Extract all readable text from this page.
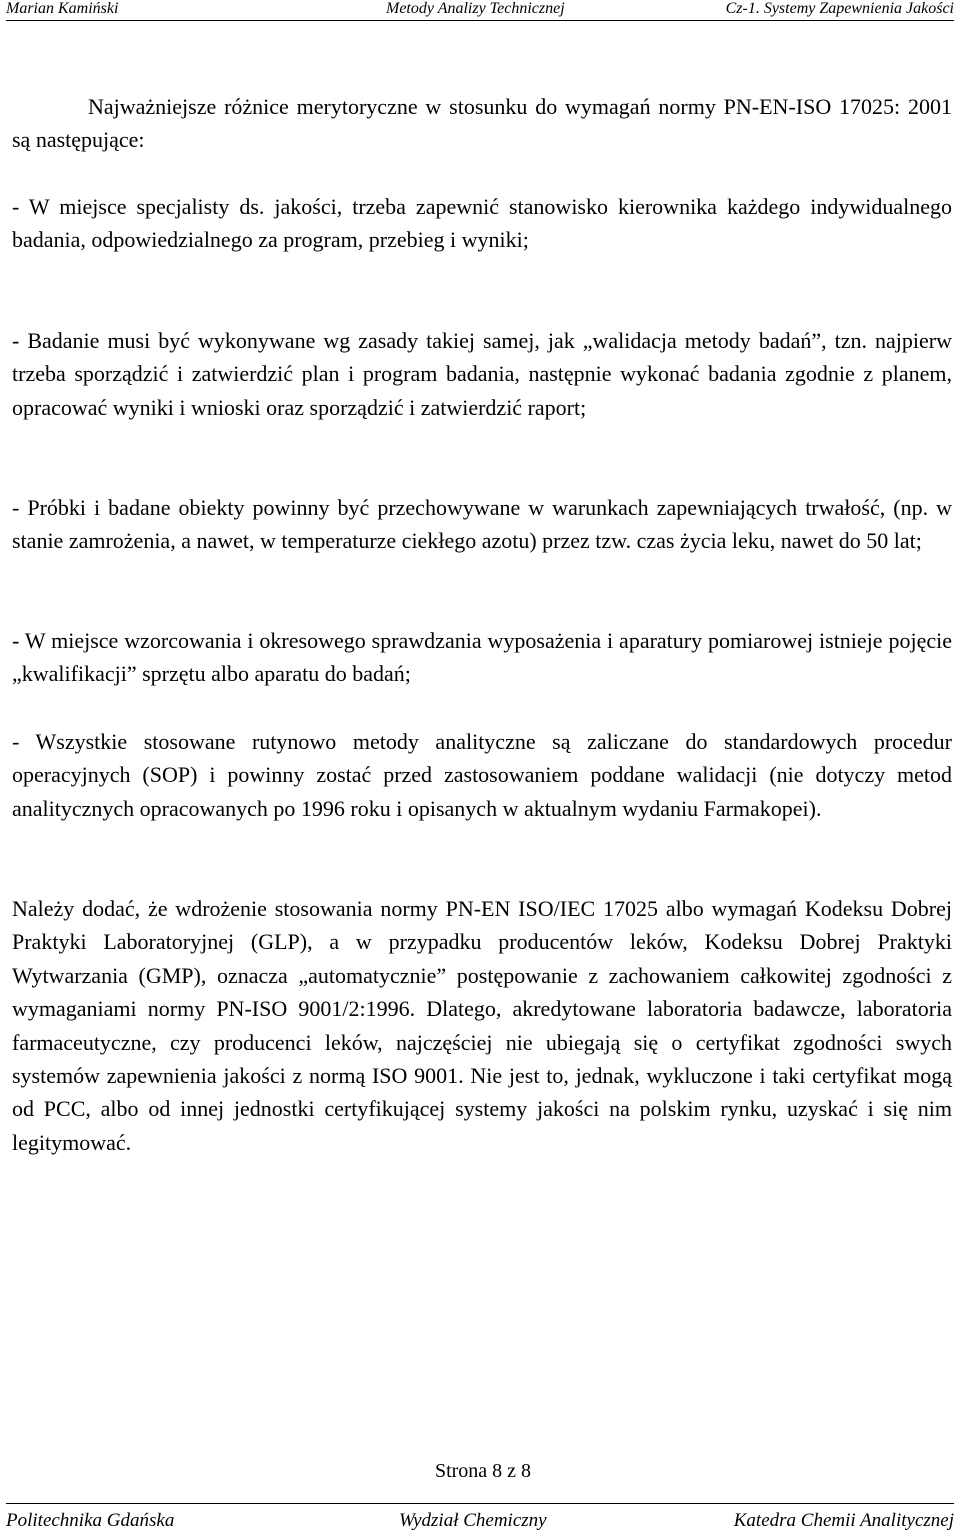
Marian Kamiński	Metody Analizy Technicznej	Cz-1. Systemy Zapewnienia Jakości

Najważniejsze różnice merytoryczne w stosunku do wymagań normy PN-EN-ISO 17025: 2001 są następujące:

- W miejsce specjalisty ds. jakości, trzeba zapewnić stanowisko kierownika każdego indywidualnego badania, odpowiedzialnego za program, przebieg i wyniki;

- Badanie musi być wykonywane wg zasady takiej samej, jak „walidacja metody badań”, tzn. najpierw trzeba sporządzić i zatwierdzić plan i program badania, następnie wykonać badania zgodnie z planem, opracować wyniki i wnioski oraz sporządzić i zatwierdzić raport;

- Próbki i badane obiekty powinny być przechowywane w warunkach zapewniających trwałość, (np. w stanie zamrożenia, a nawet, w temperaturze ciekłego azotu) przez tzw. czas życia leku, nawet do 50 lat;

- W miejsce wzorcowania i okresowego sprawdzania wyposażenia i aparatury pomiarowej istnieje pojęcie „kwalifikacji” sprzętu albo aparatu do badań;

- Wszystkie stosowane rutynowo metody analityczne są zaliczane do standardowych procedur operacyjnych (SOP) i powinny zostać przed zastosowaniem poddane walidacji (nie dotyczy metod analitycznych opracowanych po 1996 roku i opisanych w aktualnym wydaniu Farmakopei).

Należy dodać, że wdrożenie stosowania normy PN-EN ISO/IEC 17025 albo wymagań Kodeksu Dobrej Praktyki Laboratoryjnej (GLP), a w przypadku producentów leków, Kodeksu Dobrej Praktyki Wytwarzania (GMP), oznacza „automatycznie” postępowanie z zachowaniem całkowitej zgodności z wymaganiami normy PN-ISO 9001/2:1996. Dlatego, akredytowane laboratoria badawcze, laboratoria farmaceutyczne, czy producenci leków, najczęściej nie ubiegają się o certyfikat zgodności swych systemów zapewnienia jakości z normą ISO 9001. Nie jest to, jednak, wykluczone i taki certyfikat mogą od PCC, albo od innej jednostki certyfikującej systemy jakości na polskim rynku, uzyskać i się nim legitymować.

Strona 8 z 8
Politechnika Gdańska	Wydział Chemiczny	Katedra Chemii Analitycznej
